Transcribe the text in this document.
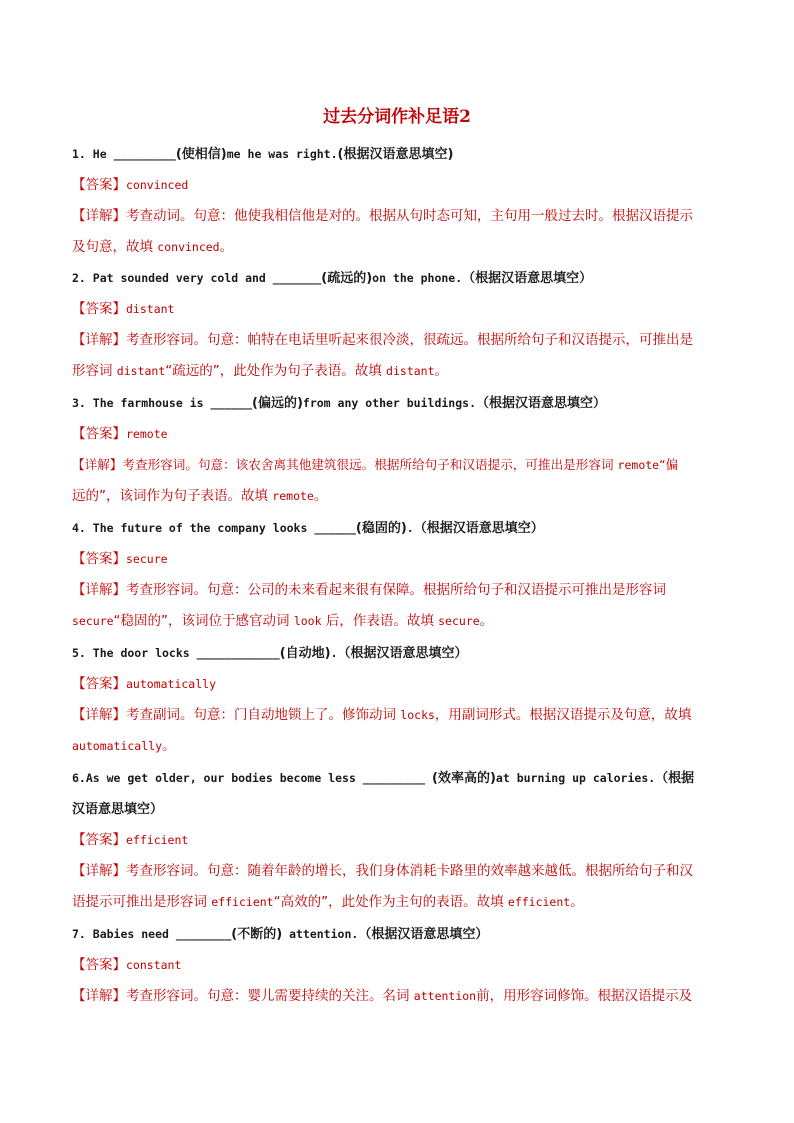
过去分词作补足语2
1. He _________(使相信)me he was right.(根据汉语意思填空)
【答案】convinced
【详解】考查动词。句意：他使我相信他是对的。根据从句时态可知，主句用一般过去时。根据汉语提示
及句意，故填 convinced。
2. Pat sounded very cold and _______(疏远的)on the phone.（根据汉语意思填空）
【答案】distant
【详解】考查形容词。句意：帕特在电话里听起来很冷淡，很疏远。根据所给句子和汉语提示，可推出是
形容词 distant“疏远的”，此处作为句子表语。故填 distant。
3. The farmhouse is ______(偏远的)from any other buildings.（根据汉语意思填空）
【答案】remote
【详解】考查形容词。句意：该农舍离其他建筑很远。根据所给句子和汉语提示，可推出是形容词 remote“偏
远的”，该词作为句子表语。故填 remote。
4. The future of the company looks ______(稳固的).（根据汉语意思填空）
【答案】secure
【详解】考查形容词。句意：公司的未来看起来很有保障。根据所给句子和汉语提示可推出是形容词
secure“稳固的”，该词位于感官动词 look 后，作表语。故填 secure。
5. The door locks ____________(自动地).（根据汉语意思填空）
【答案】automatically
【详解】考查副词。句意：门自动地锁上了。修饰动词 locks，用副词形式。根据汉语提示及句意，故填
automatically。
6.As we get older, our bodies become less _________ (效率高的)at burning up calories.（根据
汉语意思填空）
【答案】efficient
【详解】考查形容词。句意：随着年龄的增长，我们身体消耗卡路里的效率越来越低。根据所给句子和汉
语提示可推出是形容词 efficient“高效的”，此处作为主句的表语。故填 efficient。
7. Babies need ________(不断的) attention.（根据汉语意思填空）
【答案】constant
【详解】考查形容词。句意：婴儿需要持续的关注。名词 attention前，用形容词修饰。根据汉语提示及
